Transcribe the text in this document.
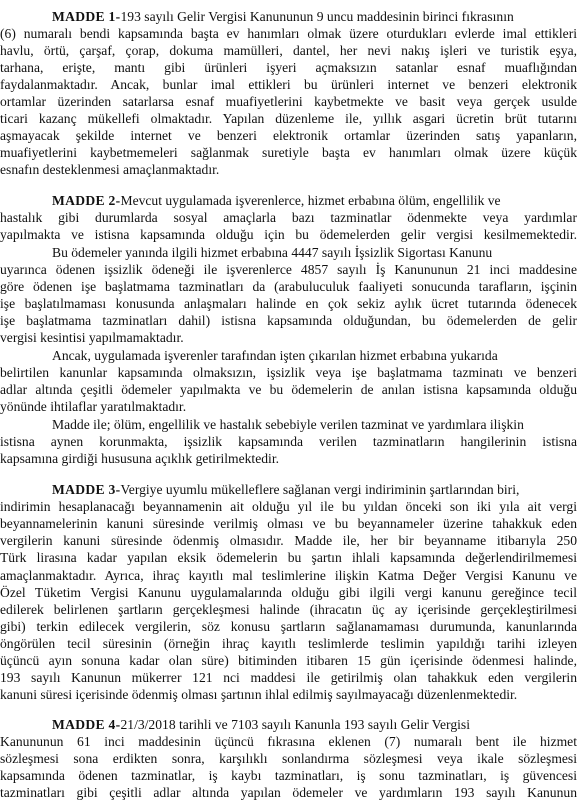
MADDE 1-193 sayılı Gelir Vergisi Kanununun 9 uncu maddesinin birinci fıkrasının
(6) numaralı bendi kapsamında başta ev hanımları olmak üzere oturdukları evlerde imal ettikleri
havlu, örtü, çarşaf, çorap, dokuma mamülleri, dantel, her nevi nakış işleri ve turistik eşya,
tarhana, erişte, mantı gibi ürünleri işyeri açmaksızın satanlar esnaf muaflığından
faydalanmaktadır. Ancak, bunlar imal ettikleri bu ürünleri internet ve benzeri elektronik
ortamlar üzerinden satarlarsa esnaf muafiyetlerini kaybetmekte ve basit veya gerçek usulde
ticari kazanç mükellefi olmaktadır. Yapılan düzenleme ile, yıllık asgari ücretin brüt tutarını
aşmayacak şekilde internet ve benzeri elektronik ortamlar üzerinden satış yapanların,
muafiyetlerini kaybetmemeleri sağlanmak suretiyle başta ev hanımları olmak üzere küçük
esnafın desteklenmesi amaçlanmaktadır.
MADDE 2-Mevcut uygulamada işverenlerce, hizmet erbabına ölüm, engellilik ve
hastalık gibi durumlarda sosyal amaçlarla bazı tazminatlar ödenmekte veya yardımlar
yapılmakta ve istisna kapsamında olduğu için bu ödemelerden gelir vergisi kesilmemektedir.
Bu ödemeler yanında ilgili hizmet erbabına 4447 sayılı İşsizlik Sigortası Kanunu
uyarınca ödenen işsizlik ödeneği ile işverenlerce 4857 sayılı İş Kanununun 21 inci maddesine
göre ödenen işe başlatmama tazminatları da (arabuluculuk faaliyeti sonucunda tarafların, işçinin
işe başlatılmaması konusunda anlaşmaları halinde en çok sekiz aylık ücret tutarında ödenecek
işe başlatmama tazminatları dahil) istisna kapsamında olduğundan, bu ödemelerden de gelir
vergisi kesintisi yapılmamaktadır.
Ancak, uygulamada işverenler tarafından işten çıkarılan hizmet erbabına yukarıda
belirtilen kanunlar kapsamında olmaksızın, işsizlik veya işe başlatmama tazminatı ve benzeri
adlar altında çeşitli ödemeler yapılmakta ve bu ödemelerin de anılan istisna kapsamında olduğu
yönünde ihtilaflar yaratılmaktadır.
Madde ile; ölüm, engellilik ve hastalık sebebiyle verilen tazminat ve yardımlara ilişkin
istisna aynen korunmakta, işsizlik kapsamında verilen tazminatların hangilerinin istisna
kapsamına girdiği hususuna açıklık getirilmektedir.
MADDE 3-Vergiye uyumlu mükelleflere sağlanan vergi indiriminin şartlarından biri,
indirimin hesaplanacağı beyannamenin ait olduğu yıl ile bu yıldan önceki son iki yıla ait vergi
beyannamelerinin kanuni süresinde verilmiş olması ve bu beyannameler üzerine tahakkuk eden
vergilerin kanuni süresinde ödenmiş olmasıdır. Madde ile, her bir beyanname itibarıyla 250
Türk lirasına kadar yapılan eksik ödemelerin bu şartın ihlali kapsamında değerlendirilmemesi
amaçlanmaktadır. Ayrıca, ihraç kayıtlı mal teslimlerine ilişkin Katma Değer Vergisi Kanunu ve
Özel Tüketim Vergisi Kanunu uygulamalarında olduğu gibi ilgili vergi kanunu gereğince tecil
edilerek belirlenen şartların gerçekleşmesi halinde (ihracatın üç ay içerisinde gerçekleştirilmesi
gibi) terkin edilecek vergilerin, söz konusu şartların sağlanamaması durumunda, kanunlarında
öngörülen tecil süresinin (örneğin ihraç kayıtlı teslimlerde teslimin yapıldığı tarihi izleyen
üçüncü ayın sonuna kadar olan süre) bitiminden itibaren 15 gün içerisinde ödenmesi halinde,
193 sayılı Kanunun mükerrer 121 nci maddesi ile getirilmiş olan tahakkuk eden vergilerin
kanuni süresi içerisinde ödenmiş olması şartının ihlal edilmiş sayılmayacağı düzenlenmektedir.
MADDE 4-21/3/2018 tarihli ve 7103 sayılı Kanunla 193 sayılı Gelir Vergisi
Kanununun 61 inci maddesinin üçüncü fıkrasına eklenen (7) numaralı bent ile hizmet
sözleşmesi sona erdikten sonra, karşılıklı sonlandırma sözleşmesi veya ikale sözleşmesi
kapsamında ödenen tazminatlar, iş kaybı tazminatları, iş sonu tazminatları, iş güvencesi
tazminatları gibi çeşitli adlar altında yapılan ödemeler ve yardımların 193 sayılı Kanunun
